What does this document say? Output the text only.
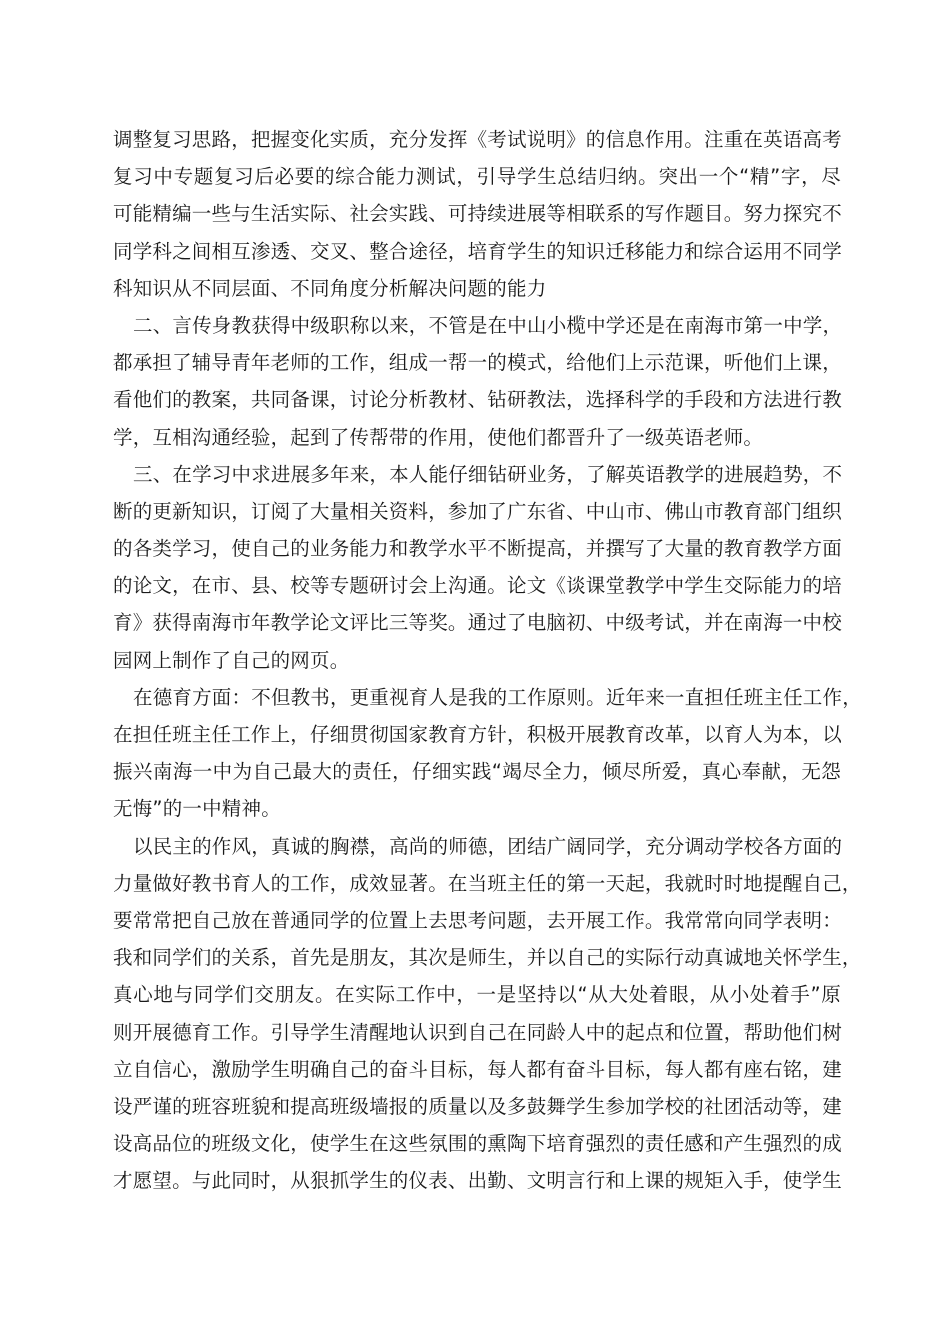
调整复习思路，把握变化实质，充分发挥《考试说明》的信息作用。注重在英语高考
复习中专题复习后必要的综合能力测试，引导学生总结归纳。突出一个“精”字，尽
可能精编一些与生活实际、社会实践、可持续进展等相联系的写作题目。努力探究不
同学科之间相互渗透、交叉、整合途径，培育学生的知识迁移能力和综合运用不同学
科知识从不同层面、不同角度分析解决问题的能力
二、言传身教获得中级职称以来，不管是在中山小榄中学还是在南海市第一中学，
都承担了辅导青年老师的工作，组成一帮一的模式，给他们上示范课，听他们上课，
看他们的教案，共同备课，讨论分析教材、钻研教法，选择科学的手段和方法进行教
学，互相沟通经验，起到了传帮带的作用，使他们都晋升了一级英语老师。
三、在学习中求进展多年来，本人能仔细钻研业务，了解英语教学的进展趋势，不
断的更新知识，订阅了大量相关资料，参加了广东省、中山市、佛山市教育部门组织
的各类学习，使自己的业务能力和教学水平不断提高，并撰写了大量的教育教学方面
的论文，在市、县、校等专题研讨会上沟通。论文《谈课堂教学中学生交际能力的培
育》获得南海市年教学论文评比三等奖。通过了电脑初、中级考试，并在南海一中校
园网上制作了自己的网页。
在德育方面：不但教书，更重视育人是我的工作原则。近年来一直担任班主任工作，
在担任班主任工作上，仔细贯彻国家教育方针，积极开展教育改革，以育人为本，以
振兴南海一中为自己最大的责任，仔细实践“竭尽全力，倾尽所爱，真心奉献，无怨
无悔”的一中精神。
以民主的作风，真诚的胸襟，高尚的师德，团结广阔同学，充分调动学校各方面的
力量做好教书育人的工作，成效显著。在当班主任的第一天起，我就时时地提醒自己，
要常常把自己放在普通同学的位置上去思考问题，去开展工作。我常常向同学表明：
我和同学们的关系，首先是朋友，其次是师生，并以自己的实际行动真诚地关怀学生，
真心地与同学们交朋友。在实际工作中，一是坚持以“从大处着眼，从小处着手”原
则开展德育工作。引导学生清醒地认识到自己在同龄人中的起点和位置，帮助他们树
立自信心，激励学生明确自己的奋斗目标，每人都有奋斗目标，每人都有座右铭，建
设严谨的班容班貌和提高班级墙报的质量以及多鼓舞学生参加学校的社团活动等，建
设高品位的班级文化，使学生在这些氛围的熏陶下培育强烈的责任感和产生强烈的成
才愿望。与此同时，从狠抓学生的仪表、出勤、文明言行和上课的规矩入手，使学生
